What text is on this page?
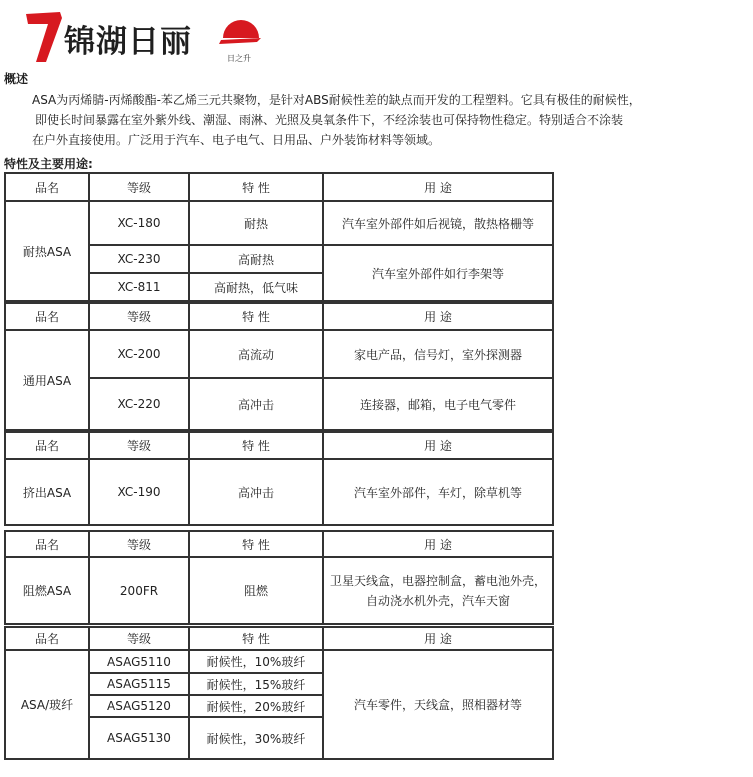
锦湖日丽	日之升
概述
ASA为丙烯腈-丙烯酸酯-苯乙烯三元共聚物，是针对ABS耐候性差的缺点而开发的工程塑料。它具有极佳的耐候性，
即使长时间暴露在室外紫外线、潮湿、雨淋、光照及臭氧条件下，不经涂装也可保持物性稳定。特别适合不涂装
在户外直接使用。广泛用于汽车、电子电气、日用品、户外装饰材料等领域。
特性及主要用途:
品名	等级	特 性	用 途
耐热ASA	XC-180	耐热	汽车室外部件如后视镜，散热格栅等
	XC-230	高耐热	汽车室外部件如行李架等
	XC-811	高耐热，低气味	
品名	等级	特 性	用 途
通用ASA	XC-200	高流动	家电产品，信号灯，室外探测器
	XC-220	高冲击	连接器，邮箱，电子电气零件
品名	等级	特 性	用 途
挤出ASA	XC-190	高冲击	汽车室外部件，车灯，除草机等
品名	等级	特 性	用 途
阻燃ASA	200FR	阻燃	卫星天线盒，电器控制盒，蓄电池外壳，
自动浇水机外壳，汽车天窗
品名	等级	特 性	用 途
ASA/玻纤	ASAG5110	耐候性，10%玻纤	汽车零件，天线盒，照相器材等
	ASAG5115	耐候性，15%玻纤	
	ASAG5120	耐候性，20%玻纤	
	ASAG5130	耐候性，30%玻纤	
